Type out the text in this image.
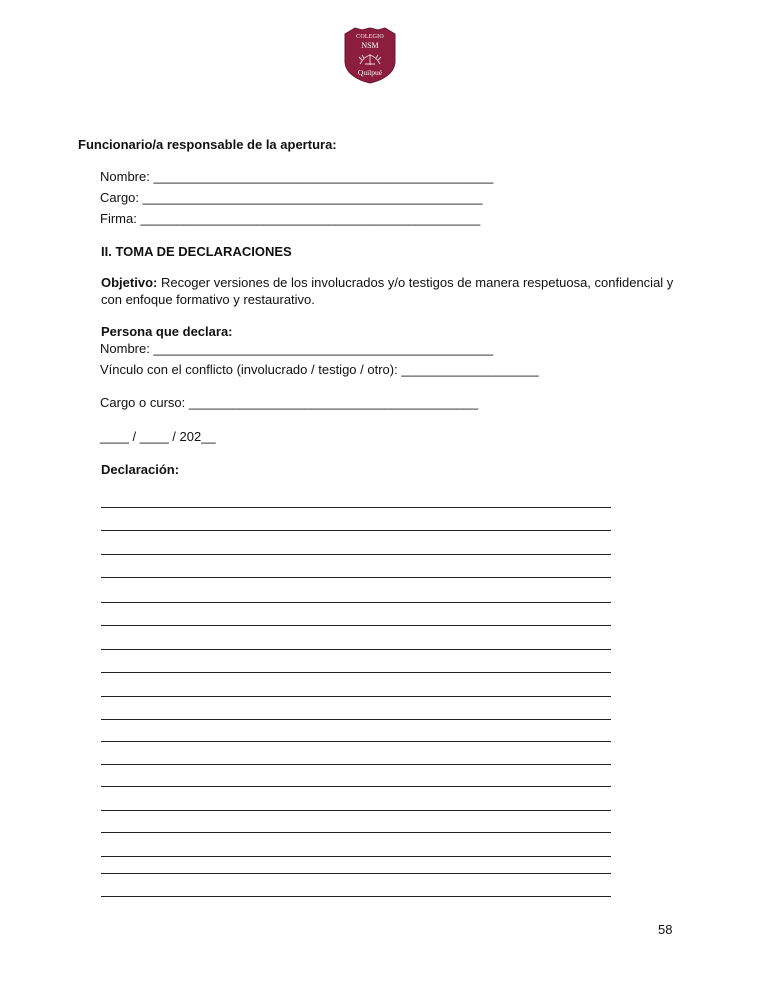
COLEGIO
NSM
Quilpué
Funcionario/a responsable de la apertura:
Nombre: _______________________________________________
Cargo: _______________________________________________
Firma: _______________________________________________
II. TOMA DE DECLARACIONES
Objetivo: Recoger versiones de los involucrados y/o testigos de manera respetuosa, confidencial y
con enfoque formativo y restaurativo.
Persona que declara:
Nombre: _______________________________________________
Vínculo con el conflicto (involucrado / testigo / otro): ___________________
Cargo o curso: ________________________________________
____ / ____ / 202__
Declaración:
58
